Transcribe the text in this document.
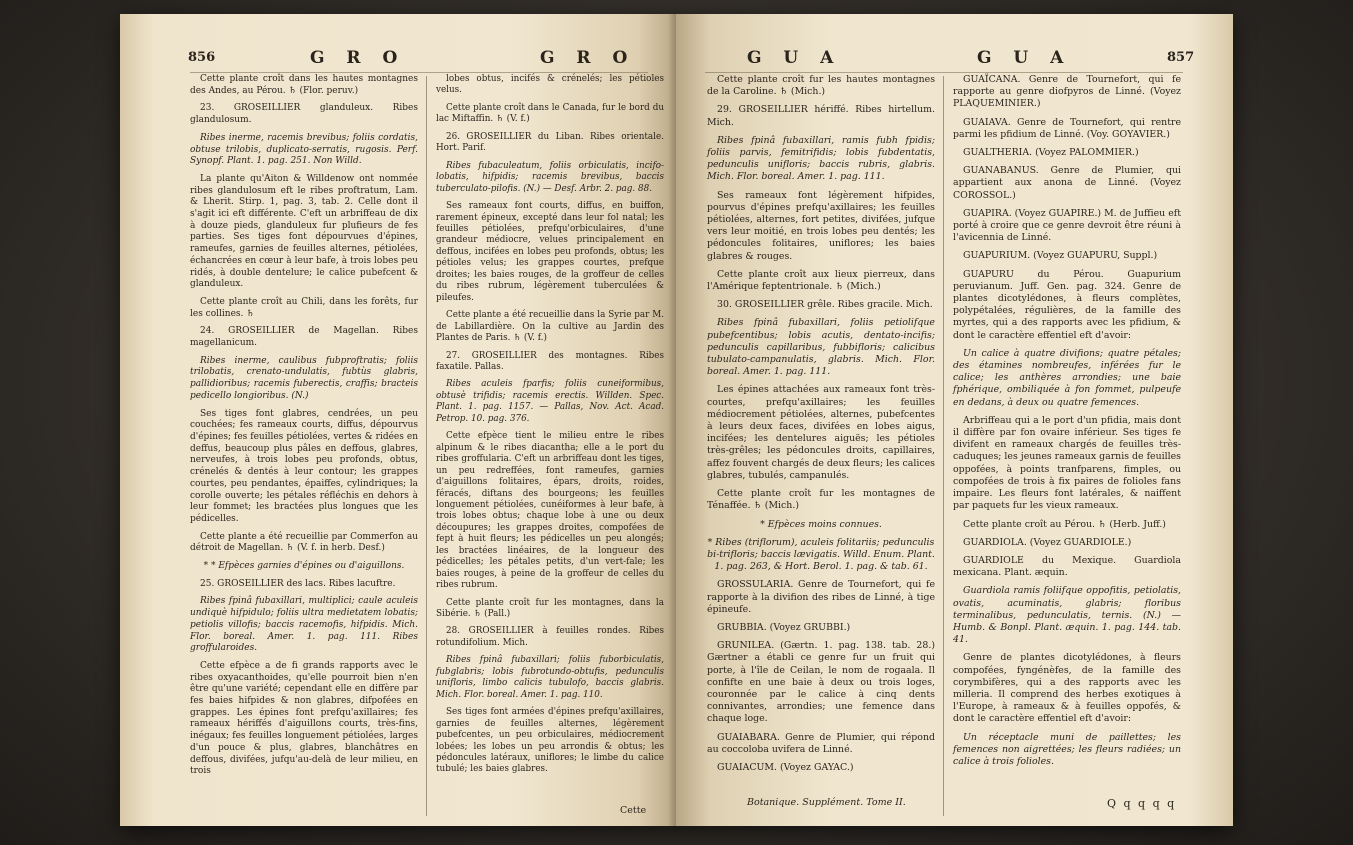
856	G R O	G R O

Cette plante croît dans les hautes montagnes des Andes, au Pérou. ♄ (Flor. peruv.)

23. GROSEILLIER glanduleux. Ribes glandulosum.

Ribes inerme, racemis brevibus; foliis cordatis, obtuse trilobis, duplicato-serratis, rugosis. Perf. Synopf. Plant. 1. pag. 251. Non Willd.

La plante qu'Aiton & Willdenow ont nommée ribes glandulosum eft le ribes proftratum, Lam. & Lherit. Stirp. 1, pag. 3, tab. 2. Celle dont il s'agit ici eft différente. C'eft un arbriffeau de dix à douze pieds, glanduleux fur plufieurs de fes parties. Ses tiges font dépourvues d'épines, rameufes, garnies de feuilles alternes, pétiolées, échancrées en cœur à leur bafe, à trois lobes peu ridés, à double dentelure; le calice pubefcent & glanduleux.

Cette plante croît au Chili, dans les forêts, fur les collines. ♄

24. GROSEILLIER de Magellan. Ribes magellanicum.

Ribes inerme, caulibus fubproftratis; foliis trilobatis, crenato-undulatis, fubtùs glabris, pallidioribus; racemis fuberectis, craffis; bracteis pedicello longioribus. (N.)

Ses tiges font glabres, cendrées, un peu couchées; fes rameaux courts, diffus, dépourvus d'épines; fes feuilles pétiolées, vertes & ridées en deffus, beaucoup plus pâles en deffous, glabres, nerveufes, à trois lobes peu profonds, obtus, crénelés & dentés à leur contour; les grappes courtes, peu pendantes, épaiffes, cylindriques; la corolle ouverte; les pétales réfléchis en dehors à leur fommet; les bractées plus longues que les pédicelles.

Cette plante a été recueillie par Commerfon au détroit de Magellan. ♄ (V. f. in herb. Desf.)

* * Efpèces garnies d'épines ou d'aiguillons.

25. GROSEILLIER des lacs. Ribes lacuftre.

Ribes fpinâ fubaxillari, multiplici; caule aculeis undiquè hifpidulo; foliis ultra medietatem lobatis; petiolis villofis; baccis racemofis, hifpidis. Mich. Flor. boreal. Amer. 1. pag. 111. Ribes groffularoides.

Cette efpèce a de fi grands rapports avec le ribes oxyacanthoides, qu'elle pourroit bien n'en être qu'une variété; cependant elle en diffère par fes baies hifpides & non glabres, difpofées en grappes. Les épines font prefqu'axillaires; fes rameaux hériffés d'aiguillons courts, très-fins, inégaux; fes feuilles longuement pétiolées, larges d'un pouce & plus, glabres, blanchâtres en deffous, divifées, jufqu'au-delà de leur milieu, en trois

lobes obtus, incifés & crénelés; les pétioles velus.

Cette plante croît dans le Canada, fur le bord du lac Miftaffin. ♄ (V. f.)

26. GROSEILLIER du Liban. Ribes orientale. Hort. Parif.

Ribes fubaculeatum, foliis orbiculatis, incifo-lobatis, hifpidis; racemis brevibus, baccis tuberculato-pilofis. (N.) — Desf. Arbr. 2. pag. 88.

Ses rameaux font courts, diffus, en buiffon, rarement épineux, excepté dans leur fol natal; les feuilles pétiolées, prefqu'orbiculaires, d'une grandeur médiocre, velues principalement en deffous, incifées en lobes peu profonds, obtus; les pétioles velus; les grappes courtes, prefque droites; les baies rouges, de la groffeur de celles du ribes rubrum, légèrement tuberculées & pileufes.

Cette plante a été recueillie dans la Syrie par M. de Labillardière. On la cultive au Jardin des Plantes de Paris. ♄ (V. f.)

27. GROSEILLIER des montagnes. Ribes faxatile. Pallas.

Ribes aculeis fparfis; foliis cuneiformibus, obtusè trifidis; racemis erectis. Willden. Spec. Plant. 1. pag. 1157. — Pallas, Nov. Act. Acad. Petrop. 10. pag. 376.

Cette efpèce tient le milieu entre le ribes alpinum & le ribes diacantha; elle a le port du ribes groffularia. C'eft un arbriffeau dont les tiges, un peu redreffées, font rameufes, garnies d'aiguillons folitaires, épars, droits, roides, féracés, diftans des bourgeons; les feuilles longuement pétiolées, cunéiformes à leur bafe, à trois lobes obtus; chaque lobe à une ou deux découpures; les grappes droites, compofées de fept à huit fleurs; les pédicelles un peu alongés; les bractées linéaires, de la longueur des pédicelles; les pétales petits, d'un vert-fale; les baies rouges, à peine de la groffeur de celles du ribes rubrum.

Cette plante croît fur les montagnes, dans la Sibérie. ♄ (Pall.)

28. GROSEILLIER à feuilles rondes. Ribes rotundifolium. Mich.

Ribes fpinâ fubaxillari; foliis fuborbiculatis, fubglabris; lobis fubrotundo-obtufis, pedunculis unifloris, limbo calicis tubulofo, baccis glabris. Mich. Flor. boreal. Amer. 1. pag. 110.

Ses tiges font armées d'épines prefqu'axillaires, garnies de feuilles alternes, légèrement pubefcentes, un peu orbiculaires, médiocrement lobées; les lobes un peu arrondis & obtus; les pédoncules latéraux, uniflores; le limbe du calice tubulé; les baies glabres.

Cette
G U A	G U A	857

Cette plante croît fur les hautes montagnes de la Caroline. ♄ (Mich.)

29. GROSEILLIER hériffé. Ribes hirtellum. Mich.

Ribes fpinâ fubaxillari, ramis fubh fpidis; foliis parvis, femitrifidis; lobis fubdentatis, pedunculis unifloris; baccis rubris, glabris. Mich. Flor. boreal. Amer. 1. pag. 111.

Ses rameaux font légèrement hifpides, pourvus d'épines prefqu'axillaires; les feuilles pétiolées, alternes, fort petites, divifées, jufque vers leur moitié, en trois lobes peu dentés; les pédoncules folitaires, uniflores; les baies glabres & rouges.

Cette plante croît aux lieux pierreux, dans l'Amérique feptentrionale. ♄ (Mich.)

30. GROSEILLIER grêle. Ribes gracile. Mich.

Ribes fpinâ fubaxillari, foliis petiolifque pubefcentibus; lobis acutis, dentato-incifis; pedunculis capillaribus, fubbifloris; calicibus tubulato-campanulatis, glabris. Mich. Flor. boreal. Amer. 1. pag. 111.

Les épines attachées aux rameaux font très-courtes, prefqu'axillaires; les feuilles médiocrement pétiolées, alternes, pubefcentes à leurs deux faces, divifées en lobes aigus, incifées; les dentelures aiguës; les pétioles très-grêles; les pédoncules droits, capillaires, affez fouvent chargés de deux fleurs; les calices glabres, tubulés, campanulés.

Cette plante croît fur les montagnes de Ténaffée. ♄ (Mich.)

* Efpèces moins connues.

* Ribes (triflorum), aculeis folitariis; pedunculis bi-trifloris; baccis lævigatis. Willd. Enum. Plant. 1. pag. 263, & Hort. Berol. 1. pag. & tab. 61.

GROSSULARIA. Genre de Tournefort, qui fe rapporte à la divifion des ribes de Linné, à tige épineufe.

GRUBBIA. (Voyez GRUBBI.)

GRUNILEA. (Gærtn. 1. pag. 138. tab. 28.) Gærtner a établi ce genre fur un fruit qui porte, à l'île de Ceilan, le nom de rogaala. Il confifte en une baie à deux ou trois loges, couronnée par le calice à cinq dents connivantes, arrondies; une femence dans chaque loge.

GUAIABARA. Genre de Plumier, qui répond au coccoloba uvifera de Linné.

GUAIACUM. (Voyez GAYAC.)

GUAÏCANA. Genre de Tournefort, qui fe rapporte au genre diofpyros de Linné. (Voyez PLAQUEMINIER.)

GUAIAVA. Genre de Tournefort, qui rentre parmi les pfidium de Linné. (Voy. GOYAVIER.)

GUALTHERIA. (Voyez PALOMMIER.)

GUANABANUS. Genre de Plumier, qui appartient aux anona de Linné. (Voyez COROSSOL.)

GUAPIRA. (Voyez GUAPIRE.) M. de Juffieu eft porté à croire que ce genre devroit être réuni à l'avicennia de Linné.

GUAPURIUM. (Voyez GUAPURU, Suppl.)

GUAPURU du Pérou. Guapurium peruvianum. Juff. Gen. pag. 324. Genre de plantes dicotylédones, à fleurs complètes, polypétalées, régulières, de la famille des myrtes, qui a des rapports avec les pfidium, & dont le caractère effentiel eft d'avoir:

Un calice à quatre divifions; quatre pétales; des étamines nombreufes, inférées fur le calice; les anthères arrondies; une baie fphérique, ombiliquée à fon fommet, pulpeufe en dedans, à deux ou quatre femences.

Arbriffeau qui a le port d'un pfidia, mais dont il diffère par fon ovaire inférieur. Ses tiges fe divifent en rameaux chargés de feuilles très-caduques; les jeunes rameaux garnis de feuilles oppofées, à points tranfparens, fimples, ou compofées de trois à fix paires de folioles fans impaire. Les fleurs font latérales, & naiffent par paquets fur les vieux rameaux.

Cette plante croît au Pérou. ♄ (Herb. Juff.)

GUARDIOLA. (Voyez GUARDIOLE.)

GUARDIOLE du Mexique. Guardiola mexicana. Plant. æquin.

Guardiola ramis foliifque oppofitis, petiolatis, ovatis, acuminatis, glabris; floribus terminalibus, pedunculatis, ternis. (N.) — Humb. & Bonpl. Plant. æquin. 1. pag. 144. tab. 41.

Genre de plantes dicotylédones, à fleurs compofées, fyngénèfes, de la famille des corymbifères, qui a des rapports avec les milleria. Il comprend des herbes exotiques à l'Europe, à rameaux & à feuilles oppofés, & dont le caractère effentiel eft d'avoir:

Un réceptacle muni de paillettes; les femences non aigrettées; les fleurs radiées; un calice à trois folioles.

Botanique. Supplément. Tome II.	Q q q q q
